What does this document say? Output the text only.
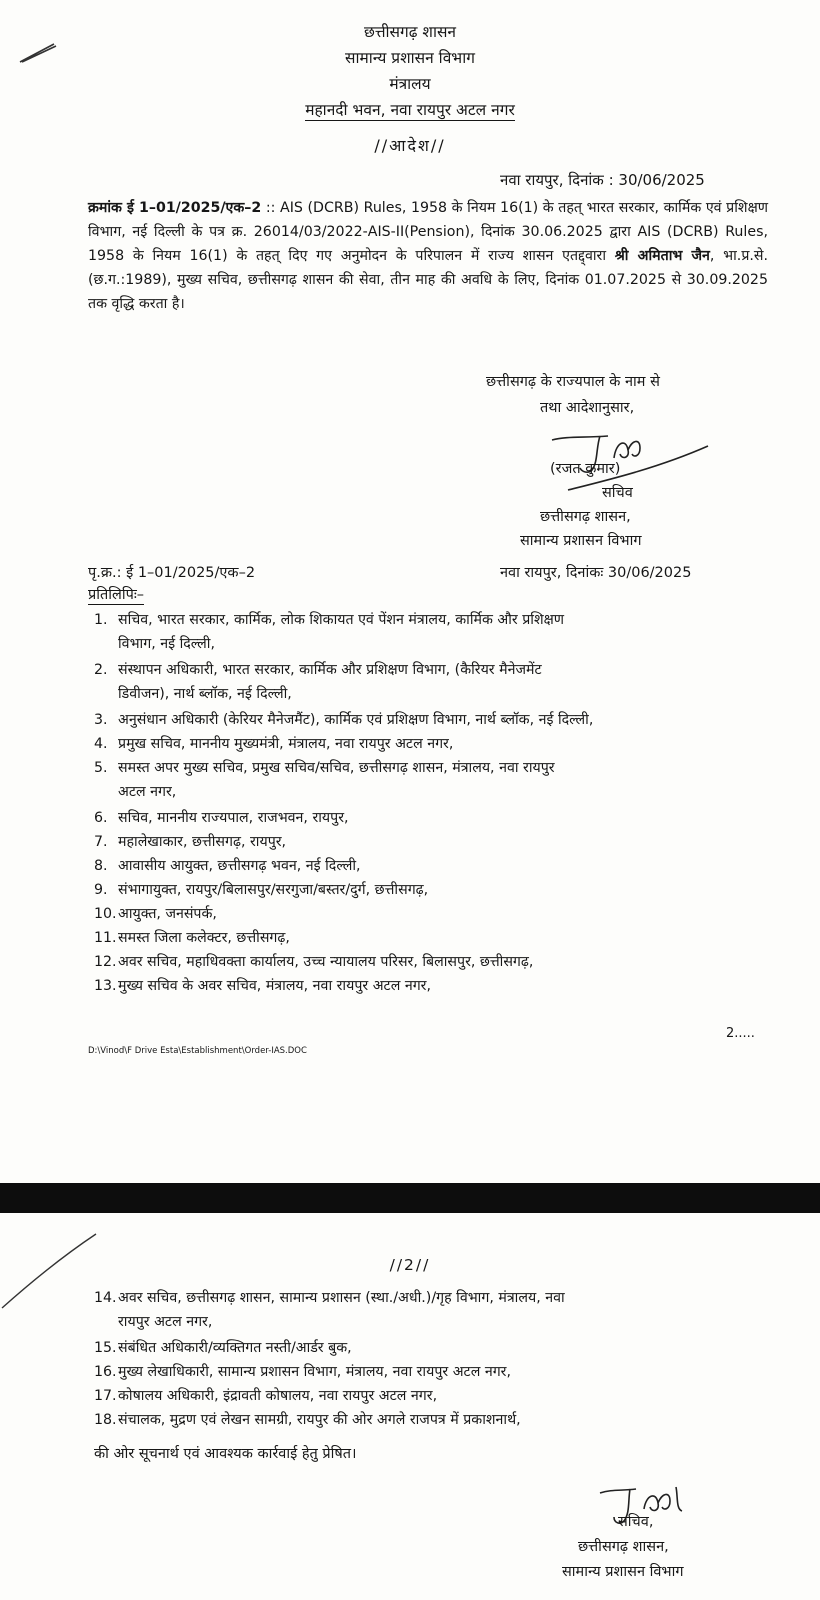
छत्तीसगढ़ शासन
सामान्य प्रशासन विभाग
मंत्रालय
महानदी भवन, नवा रायपुर अटल नगर
//आदेश//
नवा रायपुर, दिनांक : 30/06/2025

क्रमांक ई 1–01/2025/एक–2 :: AIS (DCRB) Rules, 1958 के नियम 16(1) के तहत् भारत सरकार, कार्मिक एवं प्रशिक्षण विभाग, नई दिल्ली के पत्र क्र. 26014/03/2022-AIS-II(Pension), दिनांक 30.06.2025 द्वारा AIS (DCRB) Rules, 1958 के नियम 16(1) के तहत् दिए गए अनुमोदन के परिपालन में राज्य शासन एतद्द्वारा श्री अमिताभ जैन, भा.प्र.से.(छ.ग.:1989), मुख्य सचिव, छत्तीसगढ़ शासन की सेवा, तीन माह की अवधि के लिए, दिनांक 01.07.2025 से 30.09.2025 तक वृद्धि करता है।

छत्तीसगढ़ के राज्यपाल के नाम से
तथा आदेशानुसार,
(रजत कुमार)
सचिव
छत्तीसगढ़ शासन,
सामान्य प्रशासन विभाग
पृ.क्र.: ई 1–01/2025/एक–2	नवा रायपुर, दिनांकः 30/06/2025
प्रतिलिपिः–
1. सचिव, भारत सरकार, कार्मिक, लोक शिकायत एवं पेंशन मंत्रालय, कार्मिक और प्रशिक्षण
विभाग, नई दिल्ली,
2. संस्थापन अधिकारी, भारत सरकार, कार्मिक और प्रशिक्षण विभाग, (कैरियर मैनेजमेंट
डिवीजन), नार्थ ब्लॉक, नई दिल्ली,
3. अनुसंधान अधिकारी (केरियर मैनेजमैंट), कार्मिक एवं प्रशिक्षण विभाग, नार्थ ब्लॉक, नई दिल्ली,
4. प्रमुख सचिव, माननीय मुख्यमंत्री, मंत्रालय, नवा रायपुर अटल नगर,
5. समस्त अपर मुख्य सचिव, प्रमुख सचिव/सचिव, छत्तीसगढ़ शासन, मंत्रालय, नवा रायपुर
अटल नगर,
6. सचिव, माननीय राज्यपाल, राजभवन, रायपुर,
7. महालेखाकार, छत्तीसगढ़, रायपुर,
8. आवासीय आयुक्त, छत्तीसगढ़ भवन, नई दिल्ली,
9. संभागायुक्त, रायपुर/बिलासपुर/सरगुजा/बस्तर/दुर्ग, छत्तीसगढ़,
10.आयुक्त, जनसंपर्क,
11.समस्त जिला कलेक्टर, छत्तीसगढ़,
12.अवर सचिव, महाधिवक्ता कार्यालय, उच्च न्यायालय परिसर, बिलासपुर, छत्तीसगढ़,
13.मुख्य सचिव के अवर सचिव, मंत्रालय, नवा रायपुर अटल नगर,
2.....
D:\Vinod\F Drive Esta\Establishment\Order-IAS.DOC
//2//
14.अवर सचिव, छत्तीसगढ़ शासन, सामान्य प्रशासन (स्था./अधी.)/गृह विभाग, मंत्रालय, नवा
रायपुर अटल नगर,
15.संबंधित अधिकारी/व्यक्तिगत नस्ती/आर्डर बुक,
16.मुख्य लेखाधिकारी, सामान्य प्रशासन विभाग, मंत्रालय, नवा रायपुर अटल नगर,
17.कोषालय अधिकारी, इंद्रावती कोषालय, नवा रायपुर अटल नगर,
18.संचालक, मुद्रण एवं लेखन सामग्री, रायपुर की ओर अगले राजपत्र में प्रकाशनार्थ,
की ओर सूचनार्थ एवं आवश्यक कार्रवाई हेतु प्रेषित।
सचिव,
छत्तीसगढ़ शासन,
सामान्य प्रशासन विभाग
